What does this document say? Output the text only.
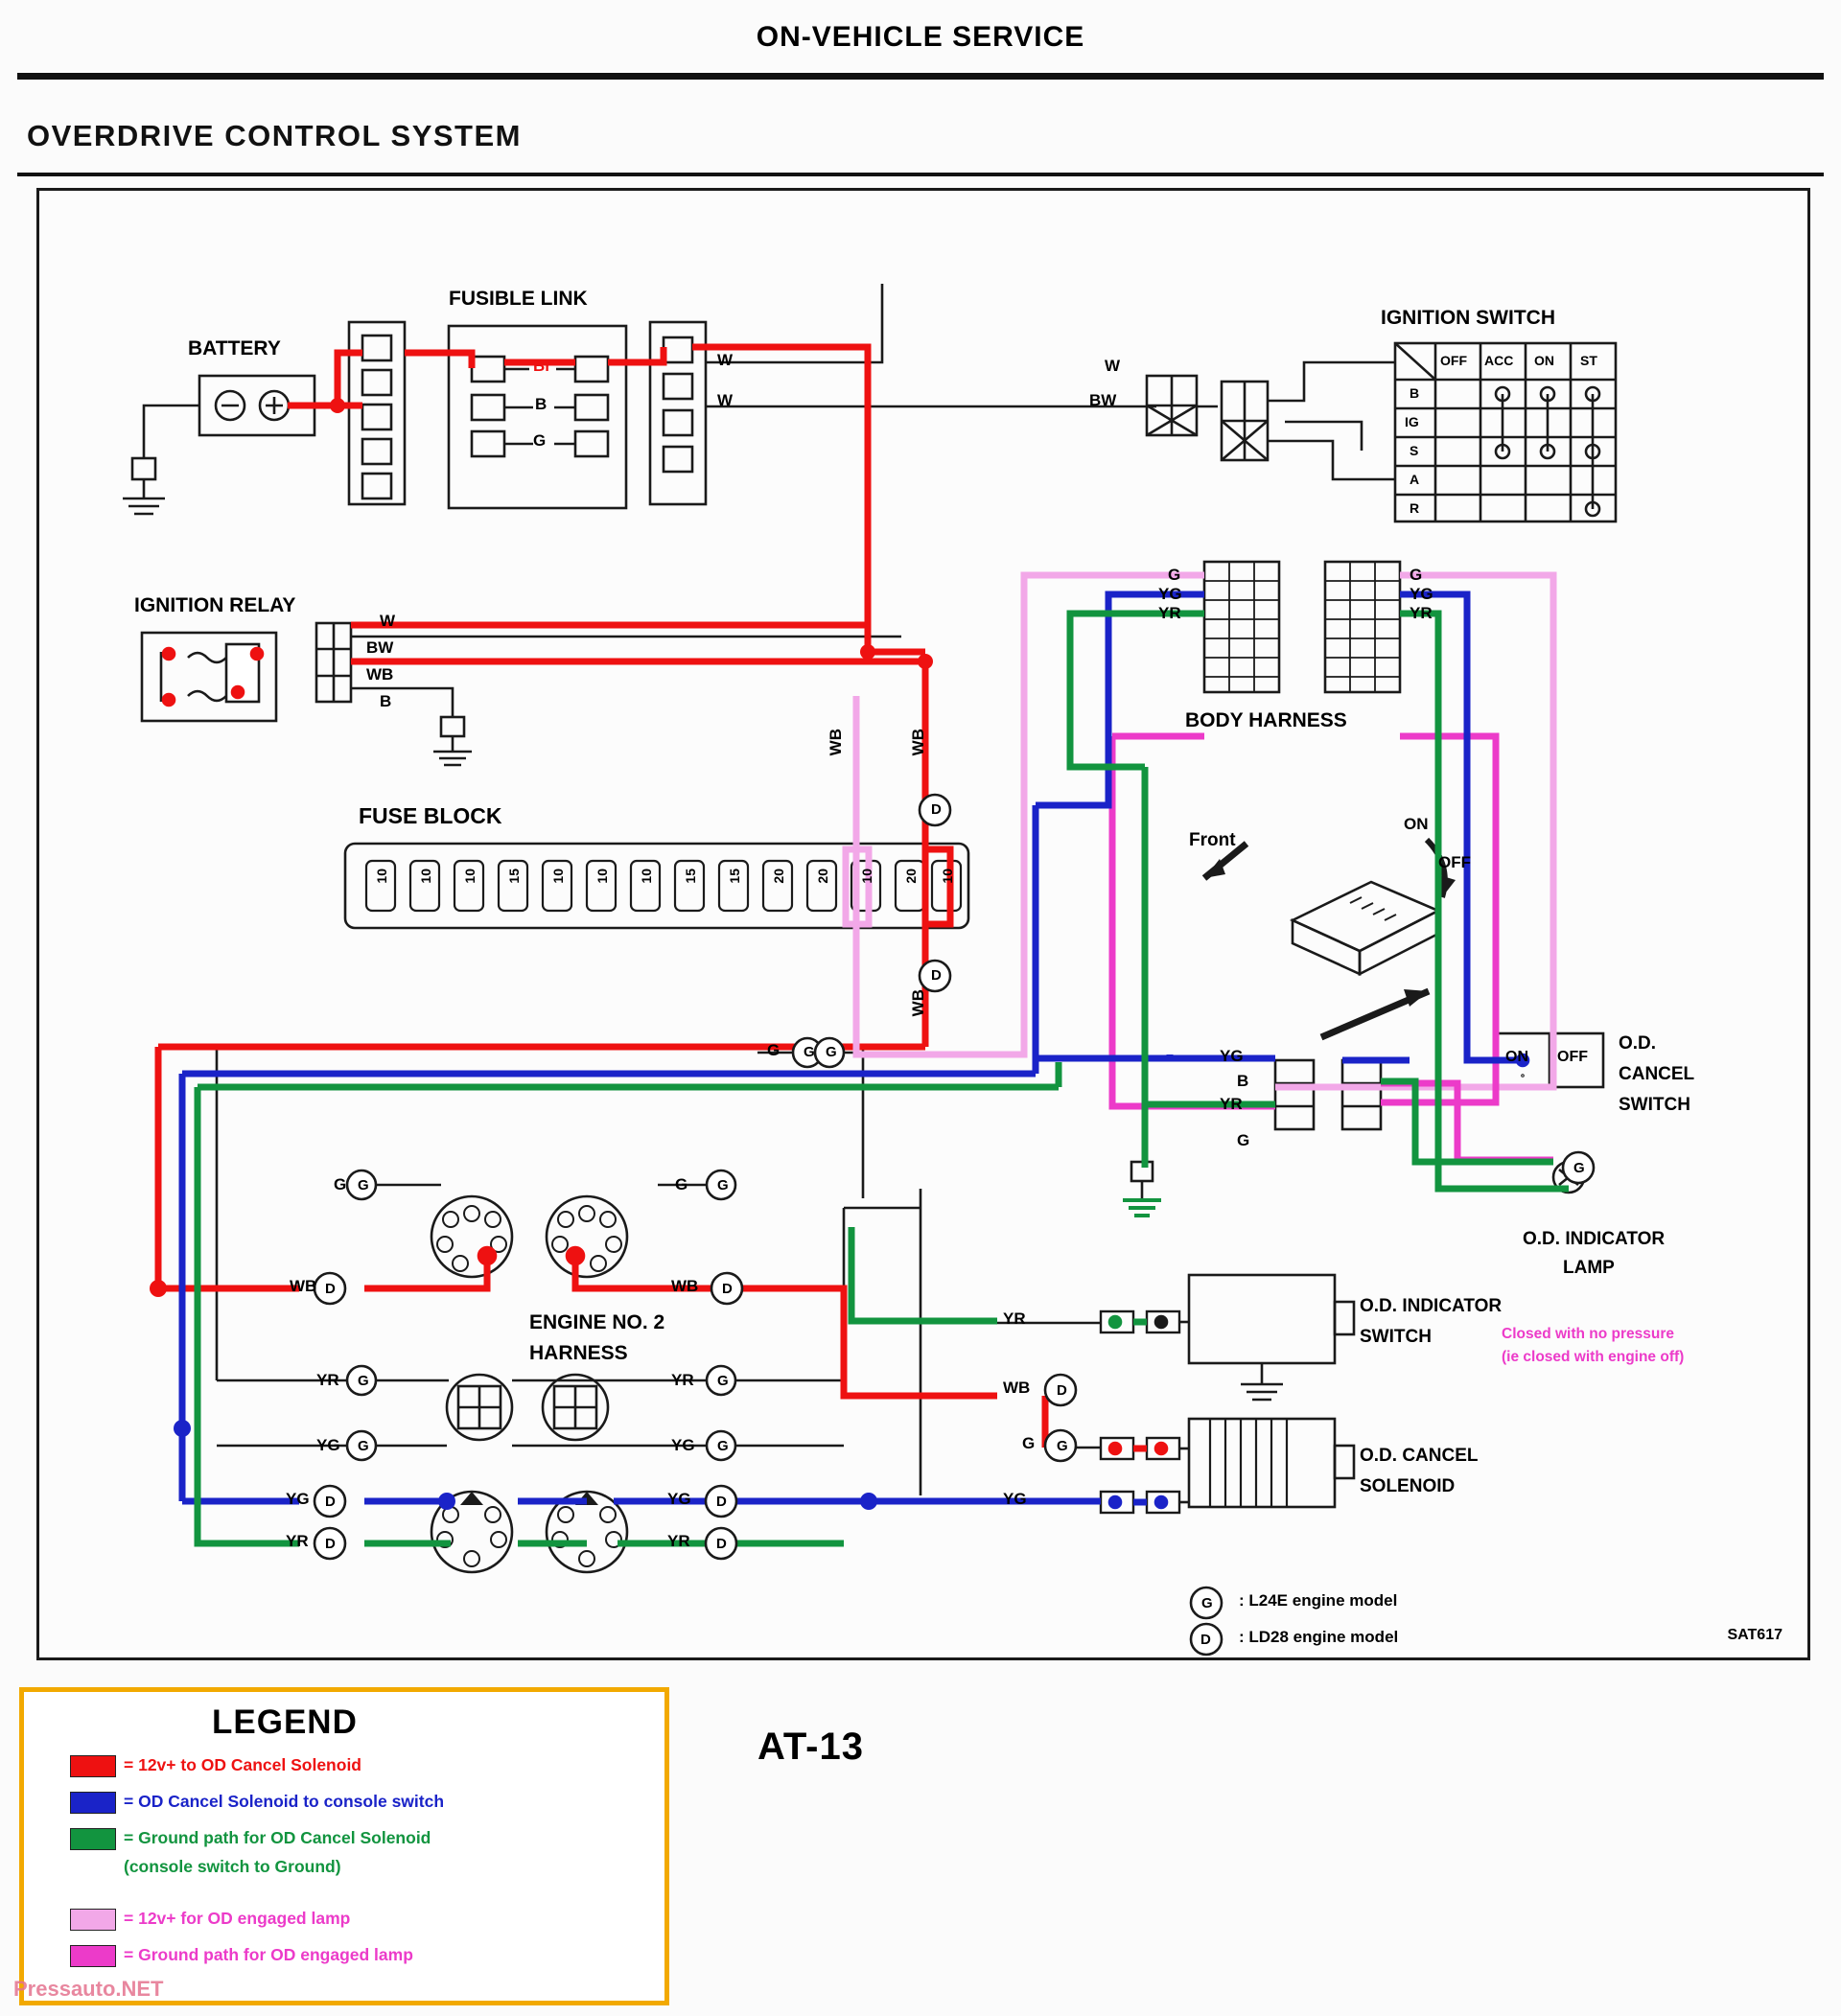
ON-VEHICLE SERVICE
OVERDRIVE CONTROL SYSTEM
SAT617
BATTERY
FUSIBLE LINK
IGNITION SWITCH
IGNITION RELAY
FUSE BLOCK
BODY HARNESS
Front
ON
OFF
ON OFF
O.D.
CANCEL
SWITCH
O.D. INDICATOR
LAMP
O.D. INDICATOR
SWITCH	Closed with no pressure
(ie closed with engine off)
O.D. CANCEL
SOLENOID
ENGINE NO. 2
HARNESS
Br
B
G
W
W
W
BW
W
BW
WB
B
OFF ACC ON ST
B
IG
S
A
R
G
YG
YR
G
YG
YR
WB	WB
WB
10 10 10 15 10 10 10 15 15 20 20 10 20 10
D
D
G G
G	YG
B
YR
G
G
WB
YR
YG
YG
YR
G
WB
YR
YG
YG
YR
YR
WB
G
YG
D
G
G
G	G
D	D
G	G
G	G
D	D
D	D
G : L24E engine model
D : LD28 engine model
LEGEND
= 12v+ to OD Cancel Solenoid
= OD Cancel Solenoid to console switch
= Ground path for OD Cancel Solenoid
(console switch to Ground)
= 12v+ for OD engaged lamp
= Ground path for OD engaged lamp
AT-13
Pressauto.NET
